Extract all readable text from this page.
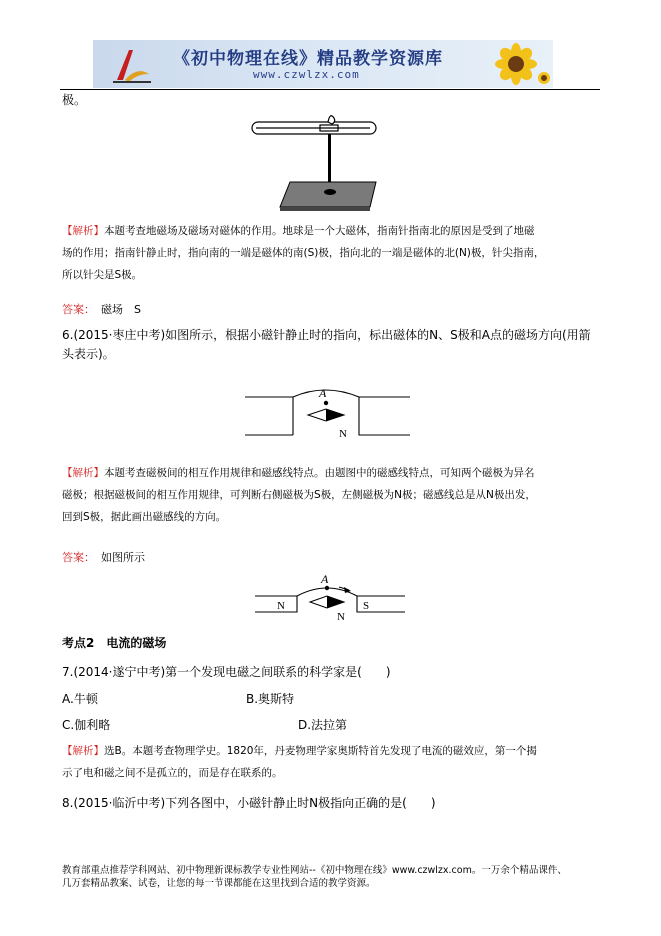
《初中物理在线》精品教学资源库
www.czwlzx.com
极。
【解析】本题考查地磁场及磁场对磁体的作用。地球是一个大磁体，指南针指南北的原因是受到了地磁
场的作用；指南针静止时，指向南的一端是磁体的南(S)极，指向北的一端是磁体的北(N)极，针尖指南，
所以针尖是S极。
答案： 磁场　S
6.(2015·枣庄中考)如图所示，根据小磁针静止时的指向，标出磁体的N、S极和A点的磁场方向(用箭
头表示)。
A
N
【解析】本题考查磁极间的相互作用规律和磁感线特点。由题图中的磁感线特点，可知两个磁极为异名
磁极；根据磁极间的相互作用规律，可判断右侧磁极为S极，左侧磁极为N极；磁感线总是从N极出发，
回到S极，据此画出磁感线的方向。
答案： 如图所示
A
N	S
N
考点2　电流的磁场
7.(2014·遂宁中考)第一个发现电磁之间联系的科学家是(　　)
A.牛顿	B.奥斯特
C.伽利略	D.法拉第
【解析】选B。本题考查物理学史。1820年，丹麦物理学家奥斯特首先发现了电流的磁效应，第一个揭
示了电和磁之间不是孤立的，而是存在联系的。
8.(2015·临沂中考)下列各图中，小磁针静止时N极指向正确的是(　　)
教育部重点推荐学科网站、初中物理新课标教学专业性网站--《初中物理在线》www.czwlzx.com。一万余个精品课件、
几万套精品教案、试卷，让您的每一节课都能在这里找到合适的教学资源。
